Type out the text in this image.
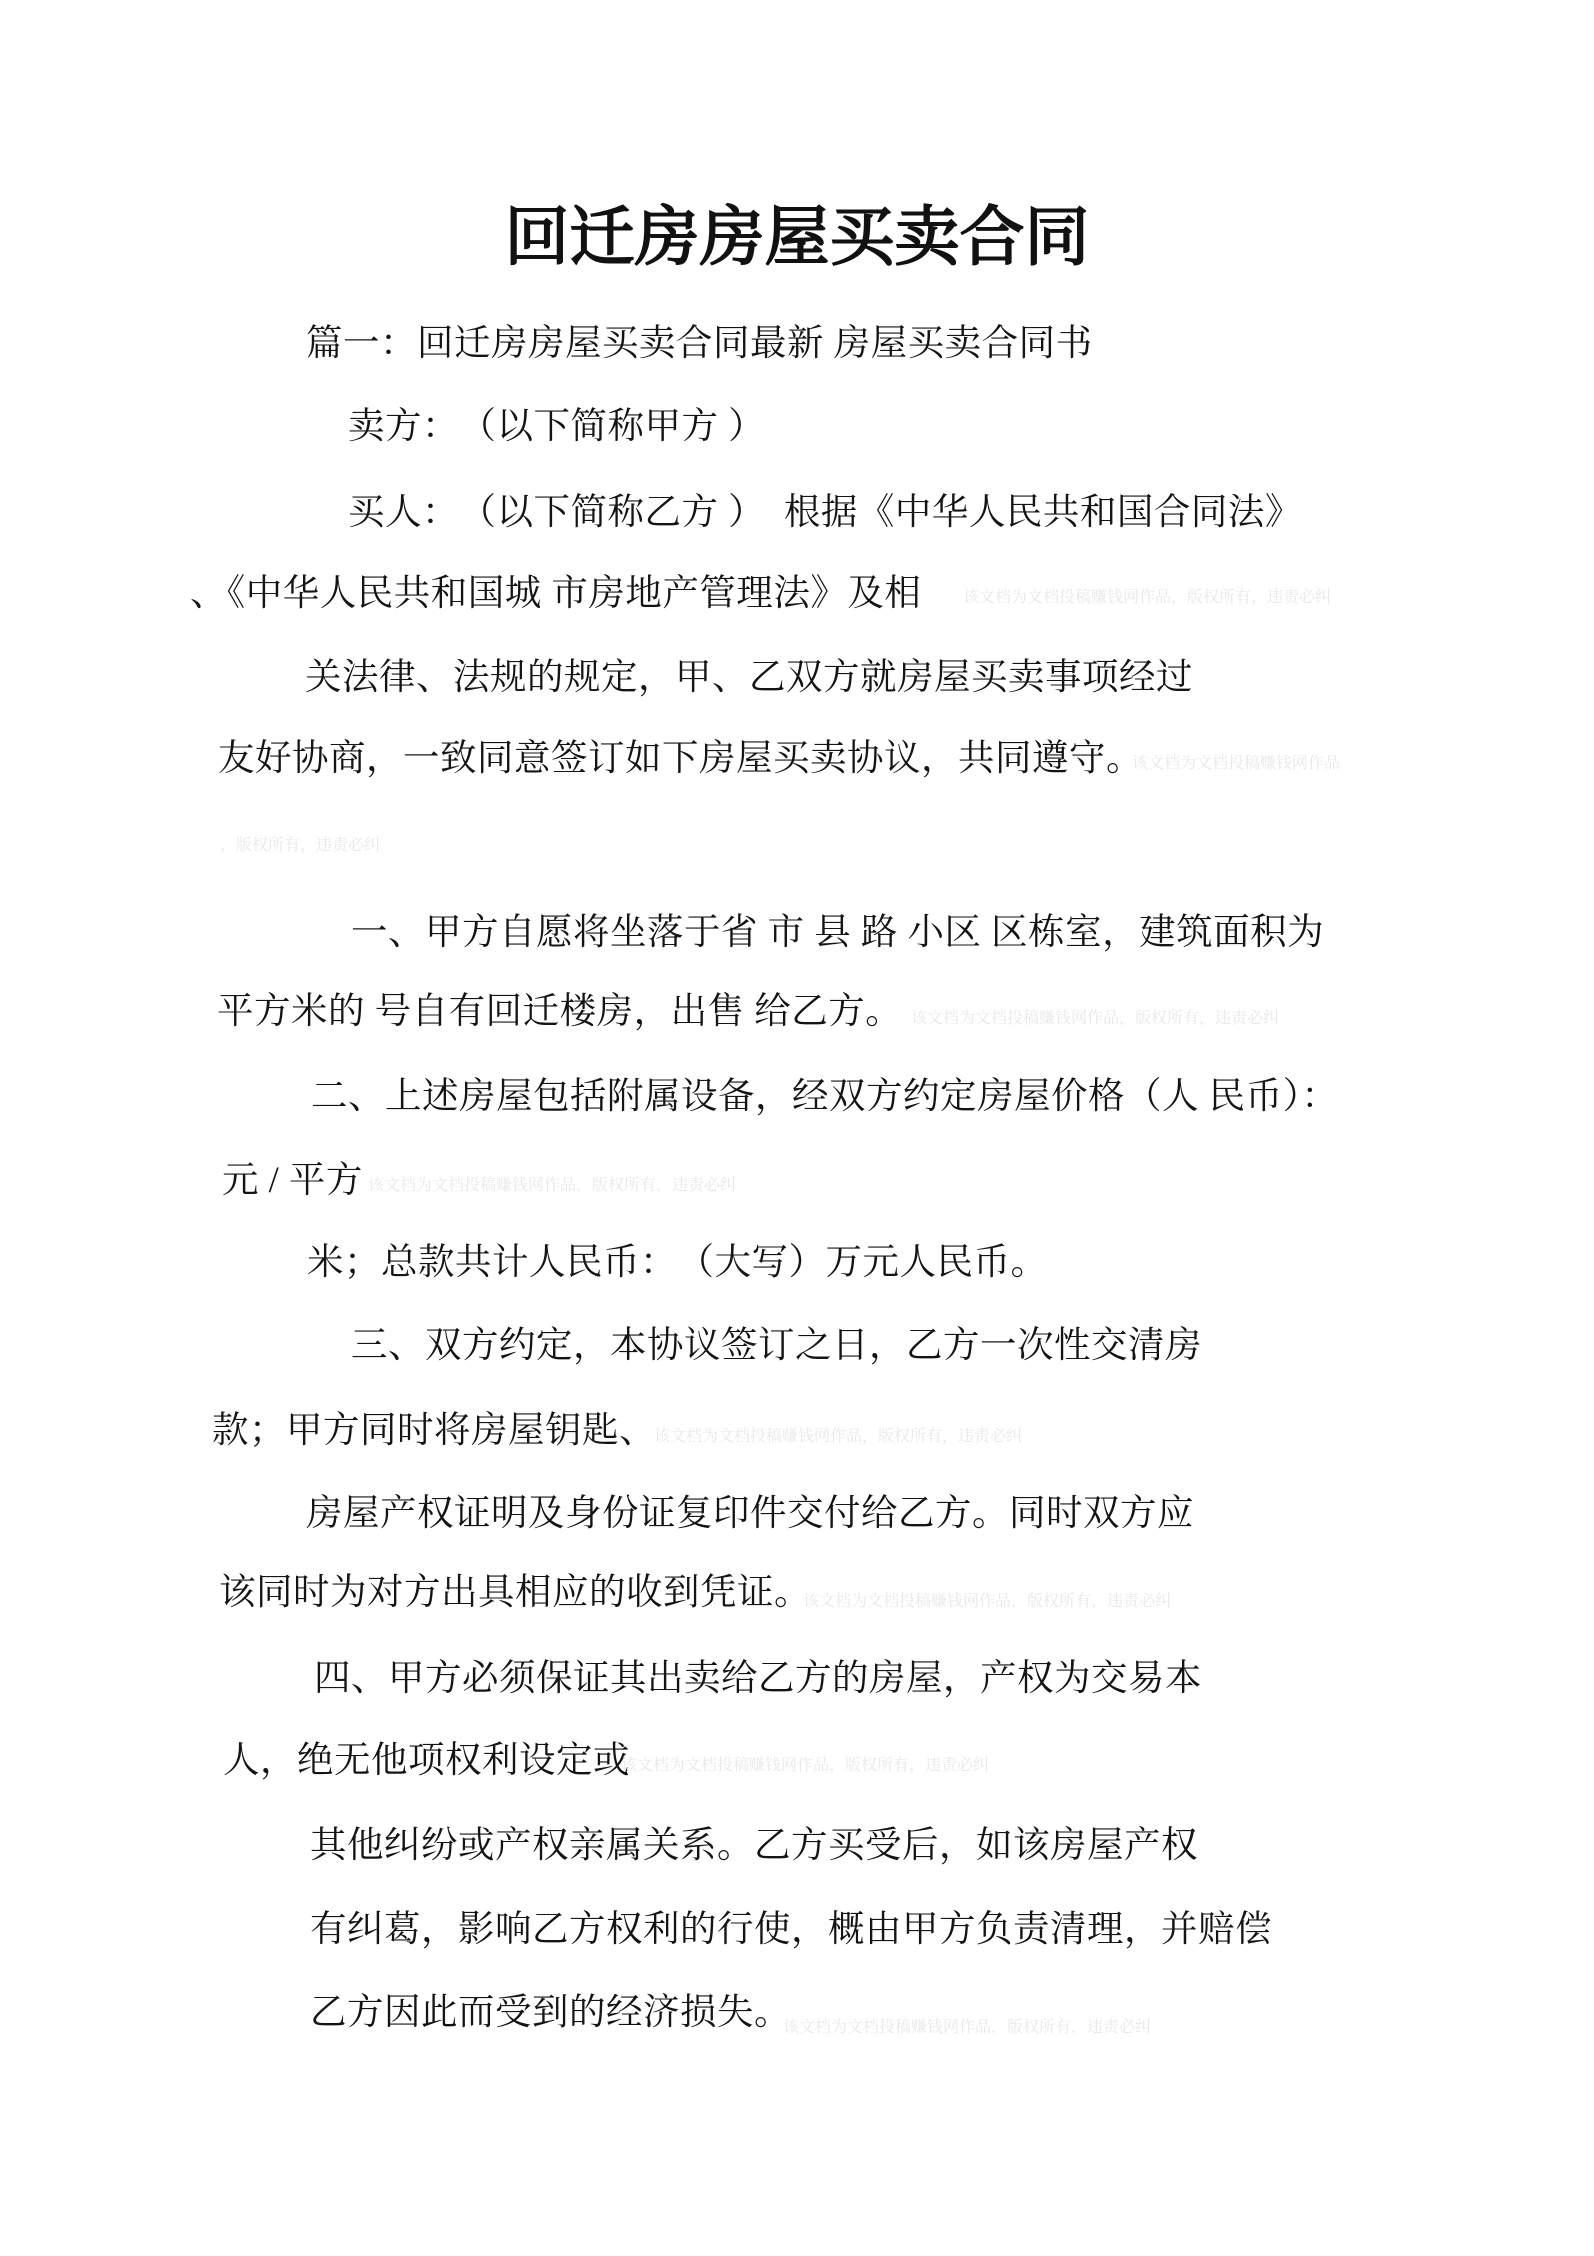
回迁房房屋买卖合同
篇一：回迁房房屋买卖合同最新 房屋买卖合同书
卖方：　（以下简称甲方 ）
买人：　（以下简称乙方 ）　根据《中华人民共和国合同法》
、《中华人民共和国城 市房地产管理法》及相
关法律、法规的规定，甲、乙双方就房屋买卖事项经过
友好协商，一致同意签订如下房屋买卖协议，共同遵守。
一、甲方自愿将坐落于省 市 县 路 小区 区栋室，建筑面积为
平方米的 号自有回迁楼房，出售 给乙方。
二、上述房屋包括附属设备，经双方约定房屋价格（人 民币）：
元 / 平方
米；总款共计人民币：　（大写）万元人民币。
三、双方约定，本协议签订之日，乙方一次性交清房
款；甲方同时将房屋钥匙、
房屋产权证明及身份证复印件交付给乙方。同时双方应
该同时为对方出具相应的收到凭证。
四、甲方必须保证其出卖给乙方的房屋，产权为交易本
人，绝无他项权利设定或
其他纠纷或产权亲属关系。乙方买受后，如该房屋产权
有纠葛，影响乙方权利的行使，概由甲方负责清理，并赔偿
乙方因此而受到的经济损失。
该文档为文档投稿赚钱网作品，版权所有，违责必纠
该文档为文档投稿赚钱网作品
，版权所有，违责必纠
该文档为文档投稿赚钱网作品，版权所有，违责必纠
该文档为文档投稿赚钱网作品，版权所有，违责必纠
该文档为文档投稿赚钱网作品，版权所有，违责必纠
该文档为文档投稿赚钱网作品，版权所有，违责必纠
该文档为文档投稿赚钱网作品，版权所有，违责必纠
该文档为文档投稿赚钱网作品，版权所有，违责必纠
